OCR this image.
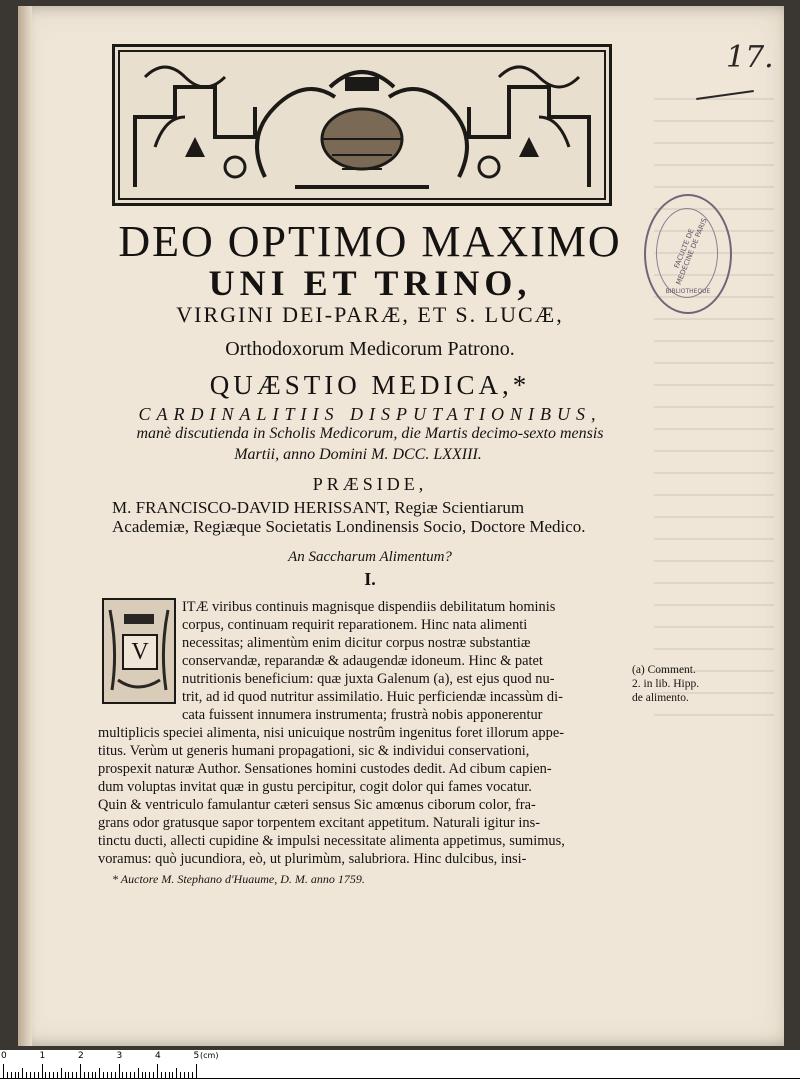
17.
FACULTE DE MEDECINE DE PARIS
BIBLIOTHEQUE
DEO OPTIMO MAXIMO
UNI ET TRINO,
VIRGINI DEI-PARÆ, ET S. LUCÆ,
Orthodoxorum Medicorum Patrono.
QUÆSTIO MEDICA,*
CARDINALITIIS DISPUTATIONIBUS,
manè discutienda in Scholis Medicorum, die Martis decimo-sexto mensis
Martii, anno Domini M. DCC. LXXIII.
PRÆSIDE,
M. FRANCISCO-DAVID HERISSANT, Regiæ Scientiarum
Academiæ, Regiæque Societatis Londinensis Socio, Doctore Medico.
An Saccharum Alimentum?
I.
V
ITÆ viribus continuis magnisque dispendiis debilitatum hominis
corpus, continuam requirit reparationem. Hinc nata alimenti
necessitas; alimentùm enim dicitur corpus nostræ substantiæ
conservandæ, reparandæ & adaugendæ idoneum. Hinc & patet
nutritionis beneficium: quæ juxta Galenum (a), est ejus quod nu-
trit, ad id quod nutritur assimilatio. Huic perficiendæ incassùm di-
cata fuissent innumera instrumenta; frustrà nobis apponerentur
multiplicis speciei alimenta, nisi unicuique nostrûm ingenitus foret illorum appe-
titus. Verùm ut generis humani propagationi, sic & individui conservationi,
prospexit naturæ Author. Sensationes homini custodes dedit. Ad cibum capien-
dum voluptas invitat quæ in gustu percipitur, cogit dolor qui fames vocatur.
Quin & ventriculo famulantur cæteri sensus Sic amœnus ciborum color, fra-
grans odor gratusque sapor torpentem excitant appetitum. Naturali igitur ins-
tinctu ducti, allecti cupidine & impulsi necessitate alimenta appetimus, sumimus,
(a) Comment.
2. in lib. Hipp.
de alimento.
* Auctore M. Stephano d'Huaume, D. M. anno 1759.
(cm)
0	1	2	3	4	5
voramus: quò jucundiora, eò, ut plurimùm, salubriora. Hinc dulcibus, insi-
